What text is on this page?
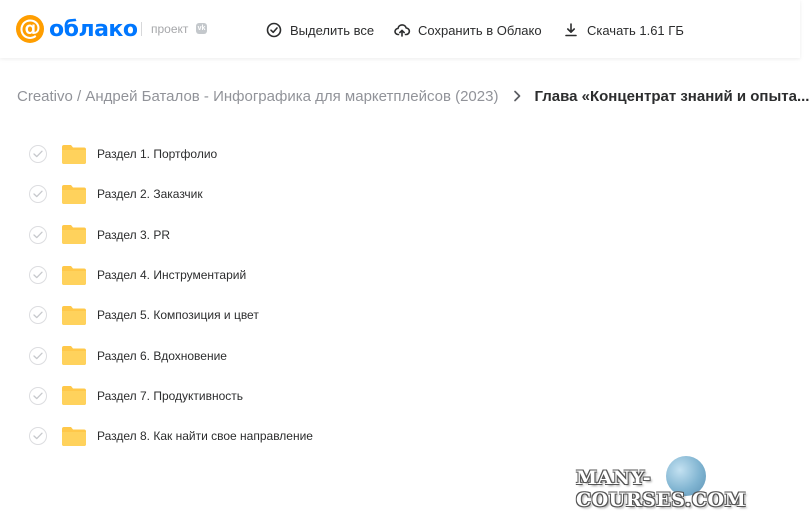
@ облако проект vk	Выделить все	Сохранить в Облако	Скачать 1.61 ГБ
Creativo / Андрей Баталов - Инфографика для маркетплейсов (2023) Глава «Концентрат знаний и опыта...
Раздел 1. Портфолио
Раздел 2. Заказчик
Раздел 3. PR
Раздел 4. Инструментарий
Раздел 5. Композиция и цвет
Раздел 6. Вдохновение
Раздел 7. Продуктивность
Раздел 8. Как найти свое направление
MANY-COURSES.COM
